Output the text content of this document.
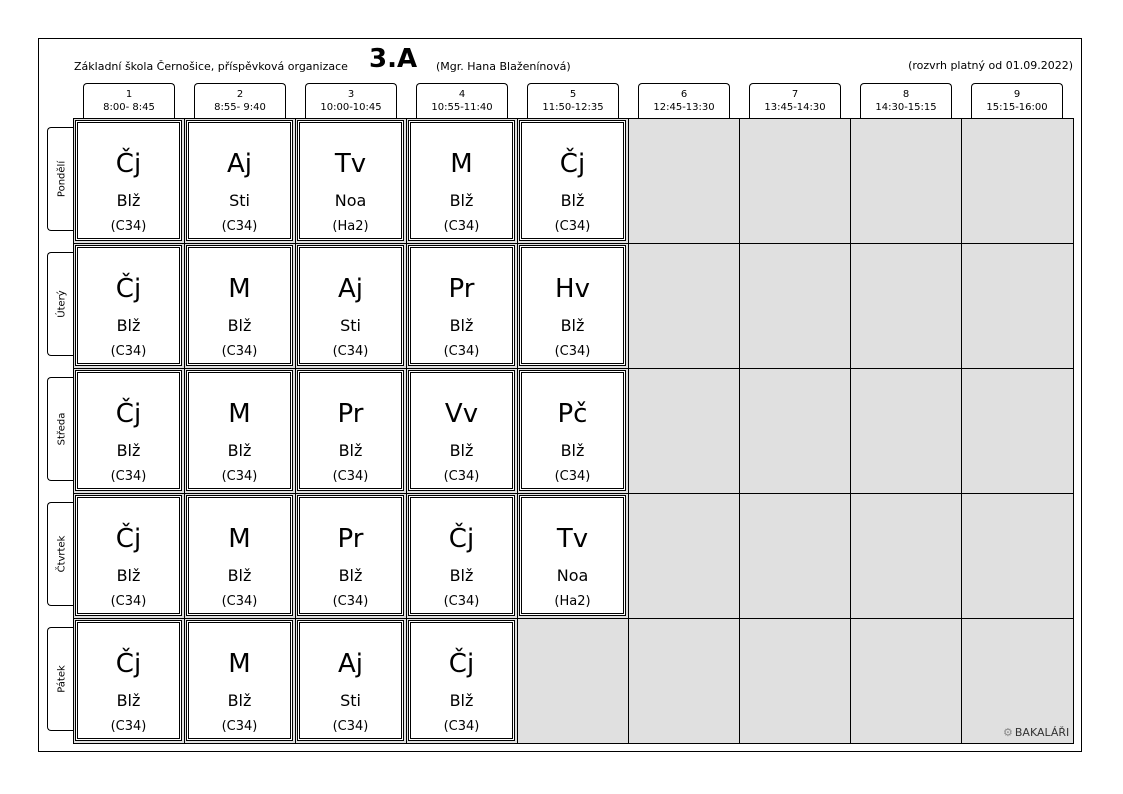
Základní škola Černošice, příspěvková organizace 3.A (Mgr. Hana Blaženínová)	(rozvrh platný od 01.09.2022)
1
8:00- 8:45
2
8:55- 9:40
3
10:00-10:45
4
10:55-11:40
5
11:50-12:35
6
12:45-13:30
7
13:45-14:30
8
14:30-15:15
9
15:15-16:00
Pondělí
Úterý
Středa
Čtvrtek
Pátek
Čj
Blž
(C34)
Aj
Sti
(C34)
Tv
Noa
(Ha2)
M
Blž
(C34)
Čj
Blž
(C34)
Čj
Blž
(C34)
M
Blž
(C34)
Aj
Sti
(C34)
Pr
Blž
(C34)
Hv
Blž
(C34)
Čj
Blž
(C34)
M
Blž
(C34)
Pr
Blž
(C34)
Vv
Blž
(C34)
Pč
Blž
(C34)
Čj
Blž
(C34)
M
Blž
(C34)
Pr
Blž
(C34)
Čj
Blž
(C34)
Tv
Noa
(Ha2)
Čj
Blž
(C34)
M
Blž
(C34)
Aj
Sti
(C34)
Čj
Blž
(C34)	⚙ BAKALÁŘI
